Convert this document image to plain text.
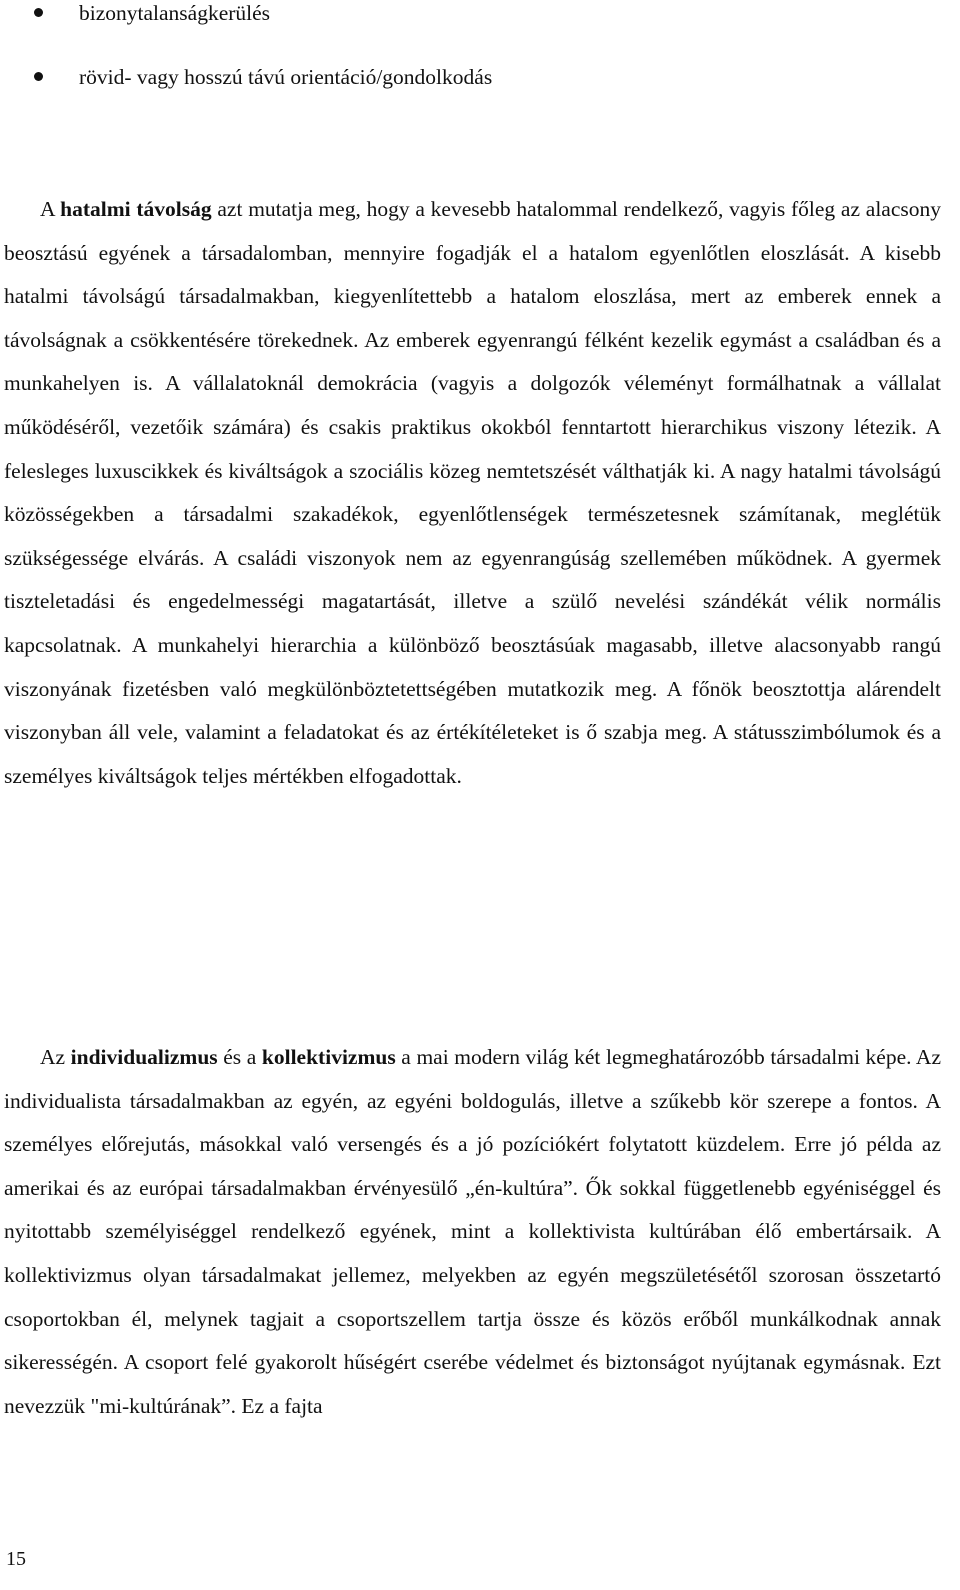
bizonytalanságkerülés
rövid- vagy hosszú távú orientáció/gondolkodás

A hatalmi távolság azt mutatja meg, hogy a kevesebb hatalommal rendelkező, vagyis főleg az alacsony beosztású egyének a társadalomban, mennyire fogadják el a hatalom egyenlőtlen eloszlását. A kisebb hatalmi távolságú társadalmakban, kiegyenlítettebb a hatalom eloszlása, mert az emberek ennek a távolságnak a csökkentésére törekednek. Az emberek egyenrangú félként kezelik egymást a családban és a munkahelyen is. A vállalatoknál demokrácia (vagyis a dolgozók véleményt formálhatnak a vállalat működéséről, vezetőik számára) és csakis praktikus okokból fenntartott hierarchikus viszony létezik. A felesleges luxuscikkek és kiváltságok a szociális közeg nemtetszését válthatják ki. A nagy hatalmi távolságú közösségekben a társadalmi szakadékok, egyenlőtlenségek természetesnek számítanak, meglétük szükségessége elvárás. A családi viszonyok nem az egyenrangúság szellemében működnek. A gyermek tiszteletadási és engedelmességi magatartását, illetve a szülő nevelési szándékát vélik normális kapcsolatnak. A munkahelyi hierarchia a különböző beosztásúak magasabb, illetve alacsonyabb rangú viszonyának fizetésben való megkülönböztetettségében mutatkozik meg. A főnök beosztottja alárendelt viszonyban áll vele, valamint a feladatokat és az értékítéleteket is ő szabja meg. A státusszimbólumok és a személyes kiváltságok teljes mértékben elfogadottak.

Az individualizmus és a kollektivizmus a mai modern világ két legmeghatározóbb társadalmi képe. Az individualista társadalmakban az egyén, az egyéni boldogulás, illetve a szűkebb kör szerepe a fontos. A személyes előrejutás, másokkal való versengés és a jó pozíciókért folytatott küzdelem. Erre jó példa az amerikai és az európai társadalmakban érvényesülő „én-kultúra”. Ők sokkal függetlenebb egyéniséggel és nyitottabb személyiséggel rendelkező egyének, mint a kollektivista kultúrában élő embertársaik. A kollektivizmus olyan társadalmakat jellemez, melyekben az egyén megszületésétől szorosan összetartó csoportokban él, melynek tagjait a csoportszellem tartja össze és közös erőből munkálkodnak annak sikerességén. A csoport felé gyakorolt hűségért cserébe védelmet és biztonságot nyújtanak egymásnak. Ezt nevezzük "mi-kultúrának”. Ez a fajta

15
